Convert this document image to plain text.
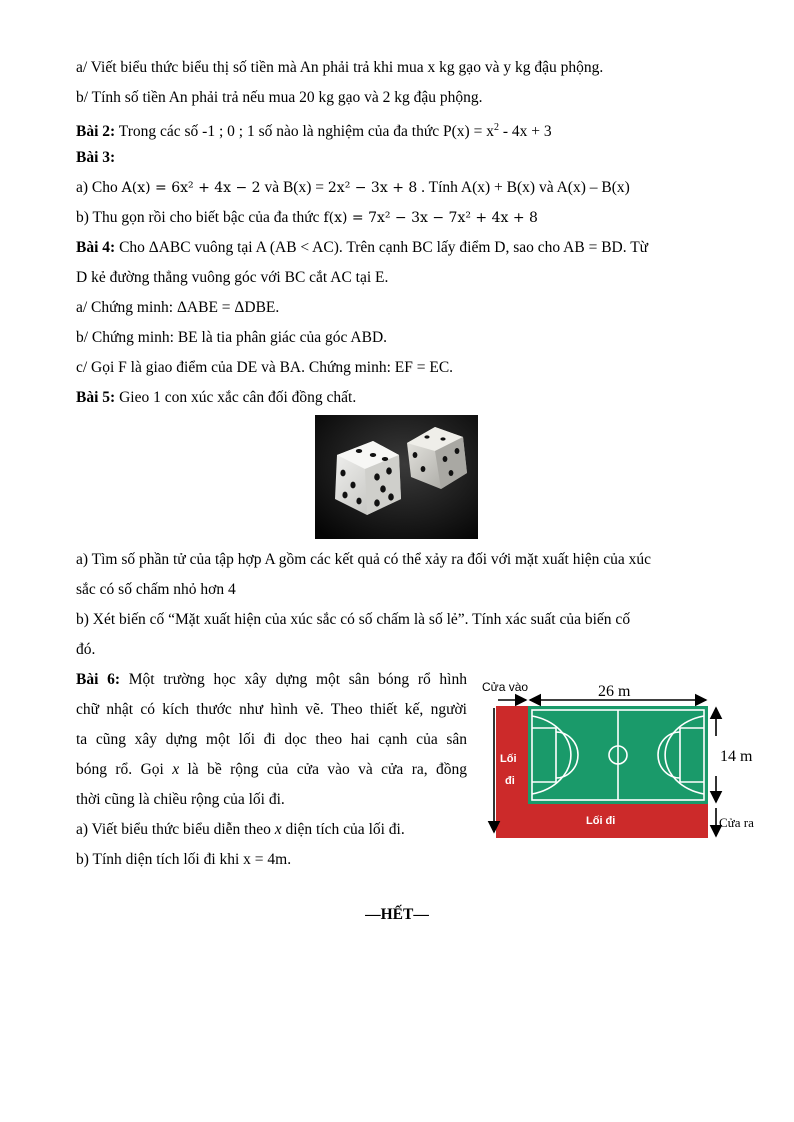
a/ Viết biểu thức biểu thị số tiền mà An phải trả khi mua x kg gạo và y kg đậu phộng.
b/ Tính số tiền An phải trả nếu mua 20 kg gạo và 2 kg đậu phộng.
Bài 2: Trong các số -1 ; 0 ; 1 số nào là nghiệm của đa thức $P(x) = x^2 - 4x + 3$
Bài 3:
a) Cho A(x) = 6x² + 4x − 2 và B(x) = 2x² − 3x + 8 . Tính A(x) + B(x) và A(x) – B(x)
b) Thu gọn rồi cho biết bậc của đa thức f(x) = 7x² − 3x − 7x² + 4x + 8
Bài 4: Cho ΔABC vuông tại A (AB < AC). Trên cạnh BC lấy điểm D, sao cho AB = BD. Từ
D kẻ đường thẳng vuông góc với BC cắt AC tại E.
a/ Chứng minh: ΔABE = ΔDBE.
b/ Chứng minh: BE là tia phân giác của góc ABD.
c/ Gọi F là giao điểm của DE và BA. Chứng minh: EF = EC.
Bài 5: Gieo 1 con xúc xắc cân đối đồng chất.
a) Tìm số phần tử của tập hợp A gồm các kết quả có thể xảy ra đối với mặt xuất hiện của xúc
sắc có số chấm nhỏ hơn 4
b) Xét biến cố “Mặt xuất hiện của xúc sắc có số chấm là số lẻ”. Tính xác suất của biến cố
đó.
Bài 6: Một trường học xây dựng một sân bóng rổ hình
chữ nhật có kích thước như hình vẽ. Theo thiết kế, người
ta cũng xây dựng một lối đi dọc theo hai cạnh của sân
bóng rổ. Gọi x là bề rộng của cửa vào và cửa ra, đồng
thời cũng là chiều rộng của lối đi.
a) Viết biểu thức biểu diễn theo x diện tích của lối đi.
b) Tính diện tích lối đi khi x = 4m.
Cửa vào	26 m
14 m
Lối
đi
Lối đi	Cửa ra
—HẾT—
